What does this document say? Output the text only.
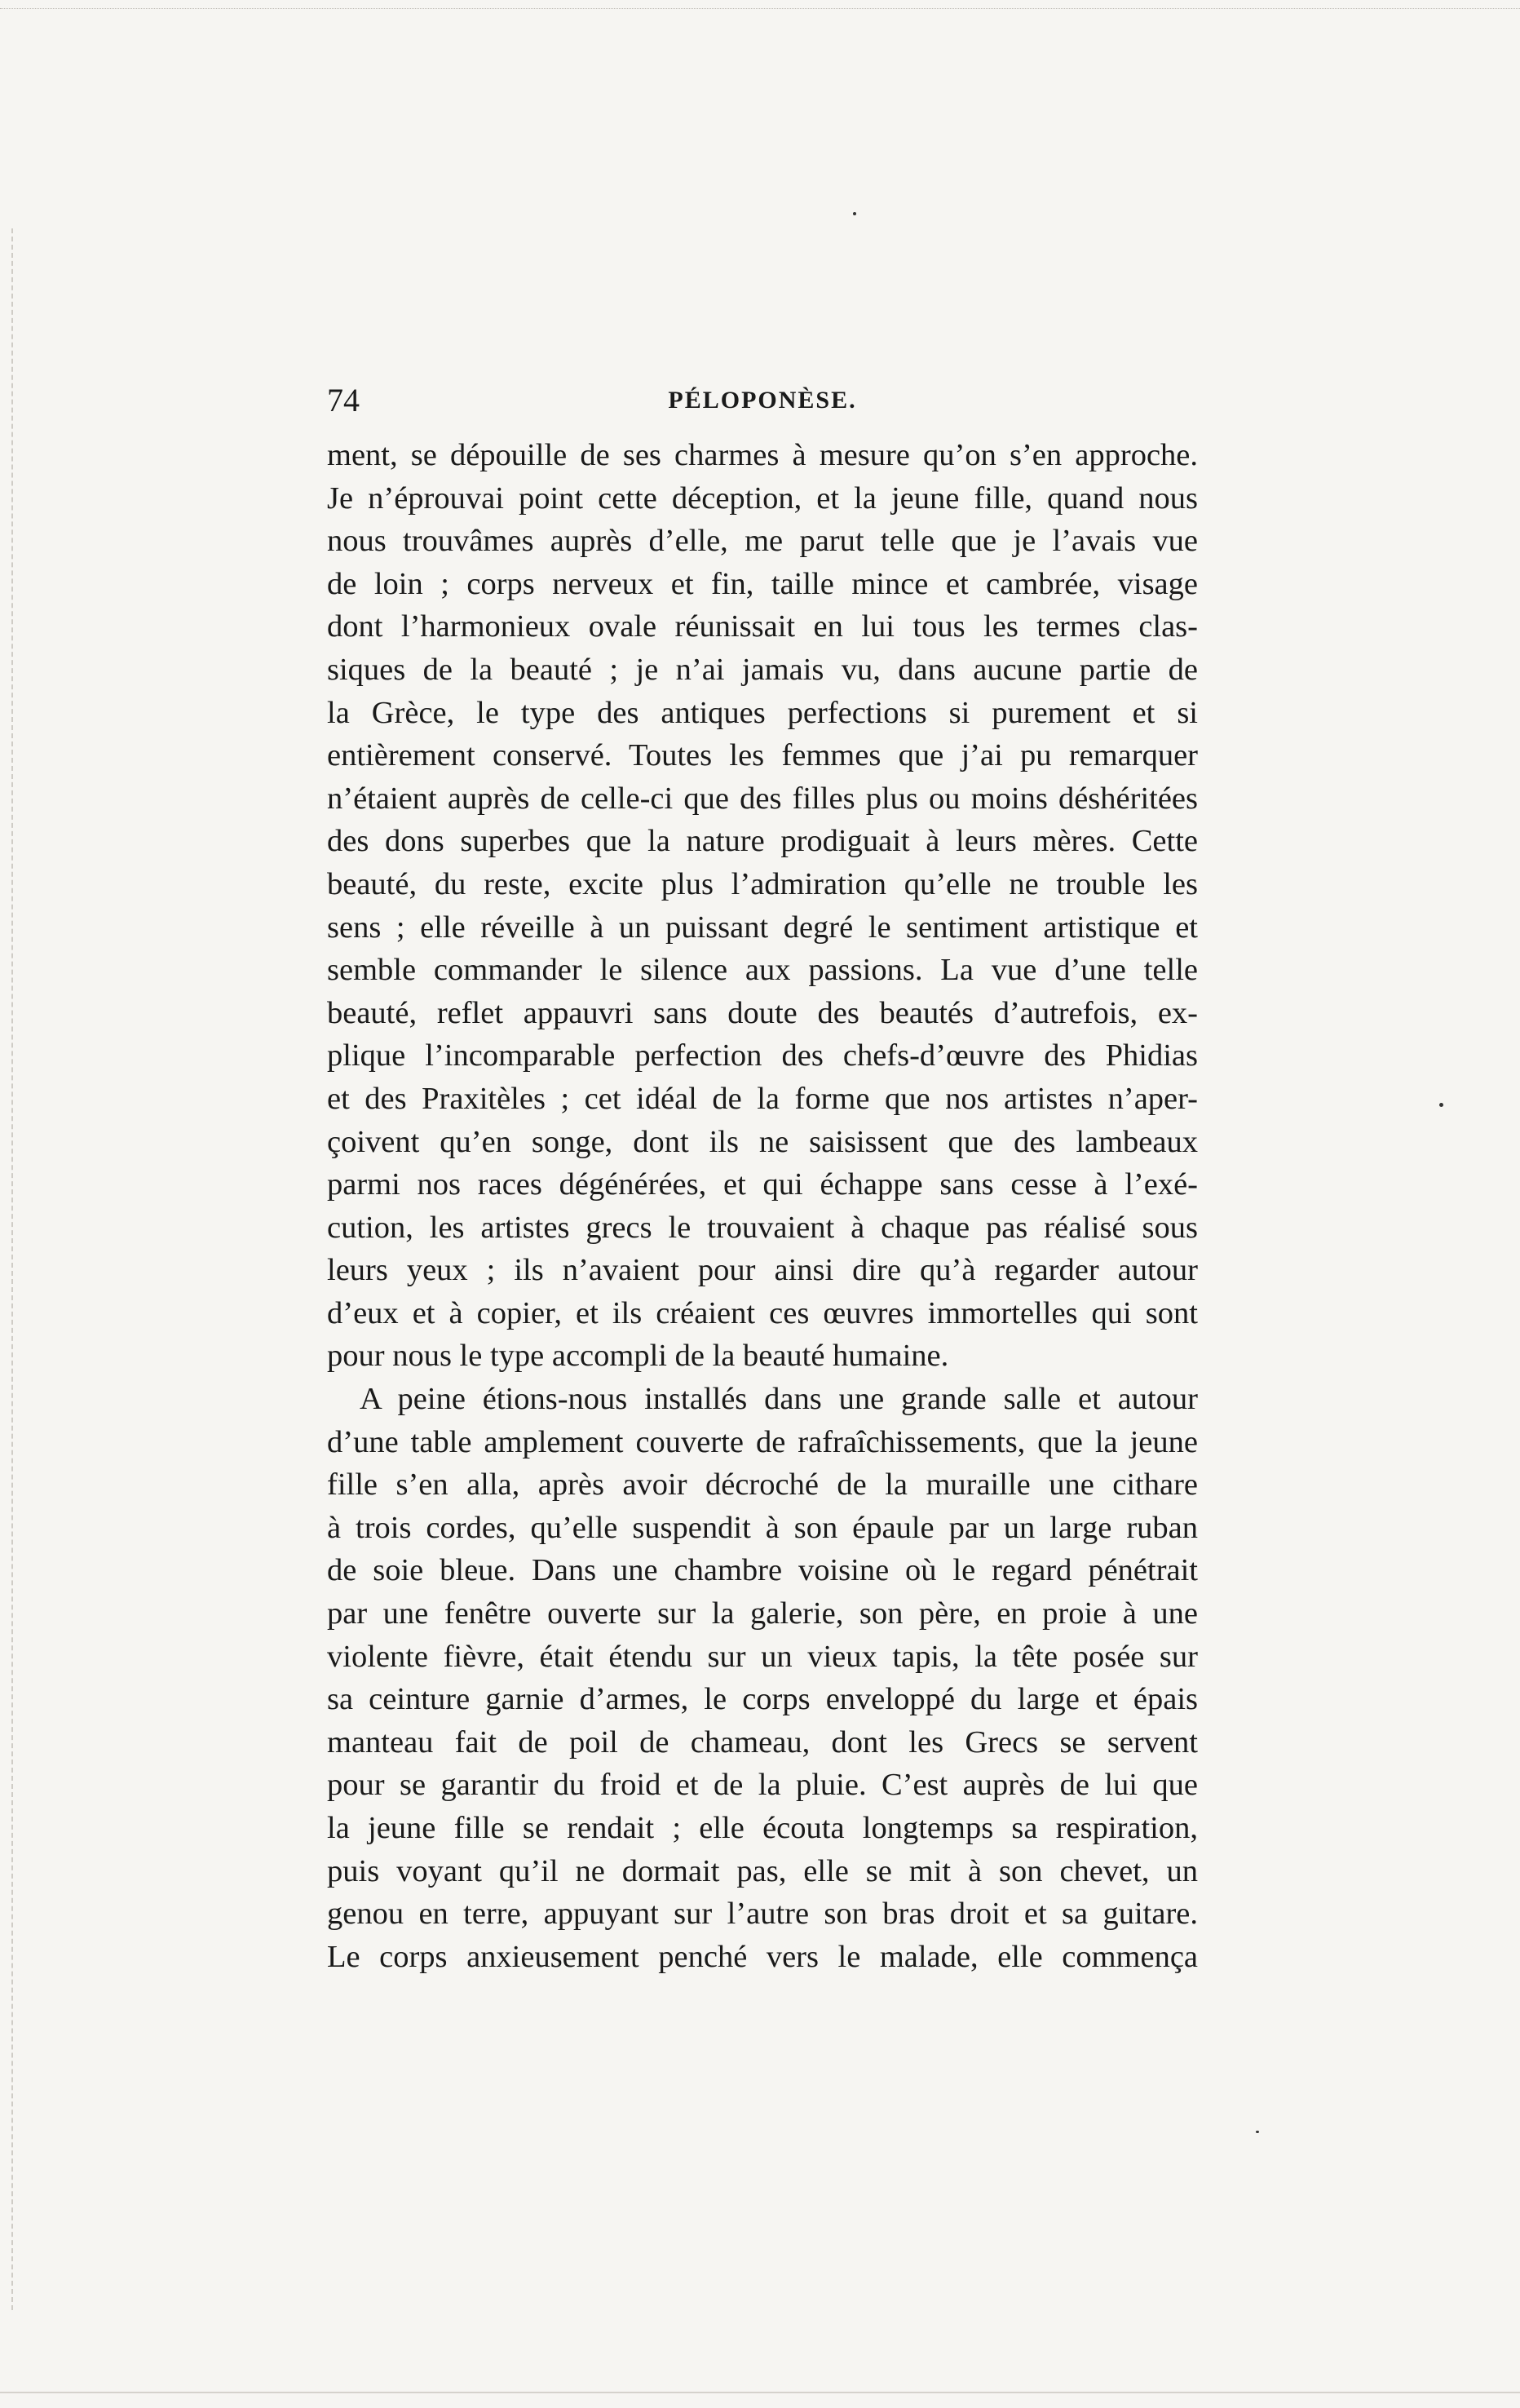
74	PÉLOPONÈSE.

ment, se dépouille de ses charmes à mesure qu’on s’en approche.
Je n’éprouvai point cette déception, et la jeune fille, quand nous
nous trouvâmes auprès d’elle, me parut telle que je l’avais vue
de loin ; corps nerveux et fin, taille mince et cambrée, visage
dont l’harmonieux ovale réunissait en lui tous les termes clas-
siques de la beauté ; je n’ai jamais vu, dans aucune partie de
la Grèce, le type des antiques perfections si purement et si
entièrement conservé. Toutes les femmes que j’ai pu remarquer
n’étaient auprès de celle-ci que des filles plus ou moins déshéritées
des dons superbes que la nature prodiguait à leurs mères. Cette
beauté, du reste, excite plus l’admiration qu’elle ne trouble les
sens ; elle réveille à un puissant degré le sentiment artistique et
semble commander le silence aux passions. La vue d’une telle
beauté, reflet appauvri sans doute des beautés d’autrefois, ex-
plique l’incomparable perfection des chefs-d’œuvre des Phidias
et des Praxitèles ; cet idéal de la forme que nos artistes n’aper-
çoivent qu’en songe, dont ils ne saisissent que des lambeaux
parmi nos races dégénérées, et qui échappe sans cesse à l’exé-
cution, les artistes grecs le trouvaient à chaque pas réalisé sous
leurs yeux ; ils n’avaient pour ainsi dire qu’à regarder autour
d’eux et à copier, et ils créaient ces œuvres immortelles qui sont
pour nous le type accompli de la beauté humaine.

A peine étions-nous installés dans une grande salle et autour
d’une table amplement couverte de rafraîchissements, que la jeune
fille s’en alla, après avoir décroché de la muraille une cithare
à trois cordes, qu’elle suspendit à son épaule par un large ruban
de soie bleue. Dans une chambre voisine où le regard pénétrait
par une fenêtre ouverte sur la galerie, son père, en proie à une
violente fièvre, était étendu sur un vieux tapis, la tête posée sur
sa ceinture garnie d’armes, le corps enveloppé du large et épais
manteau fait de poil de chameau, dont les Grecs se servent
pour se garantir du froid et de la pluie. C’est auprès de lui que
la jeune fille se rendait ; elle écouta longtemps sa respiration,
puis voyant qu’il ne dormait pas, elle se mit à son chevet, un
genou en terre, appuyant sur l’autre son bras droit et sa guitare.
Le corps anxieusement penché vers le malade, elle commença
